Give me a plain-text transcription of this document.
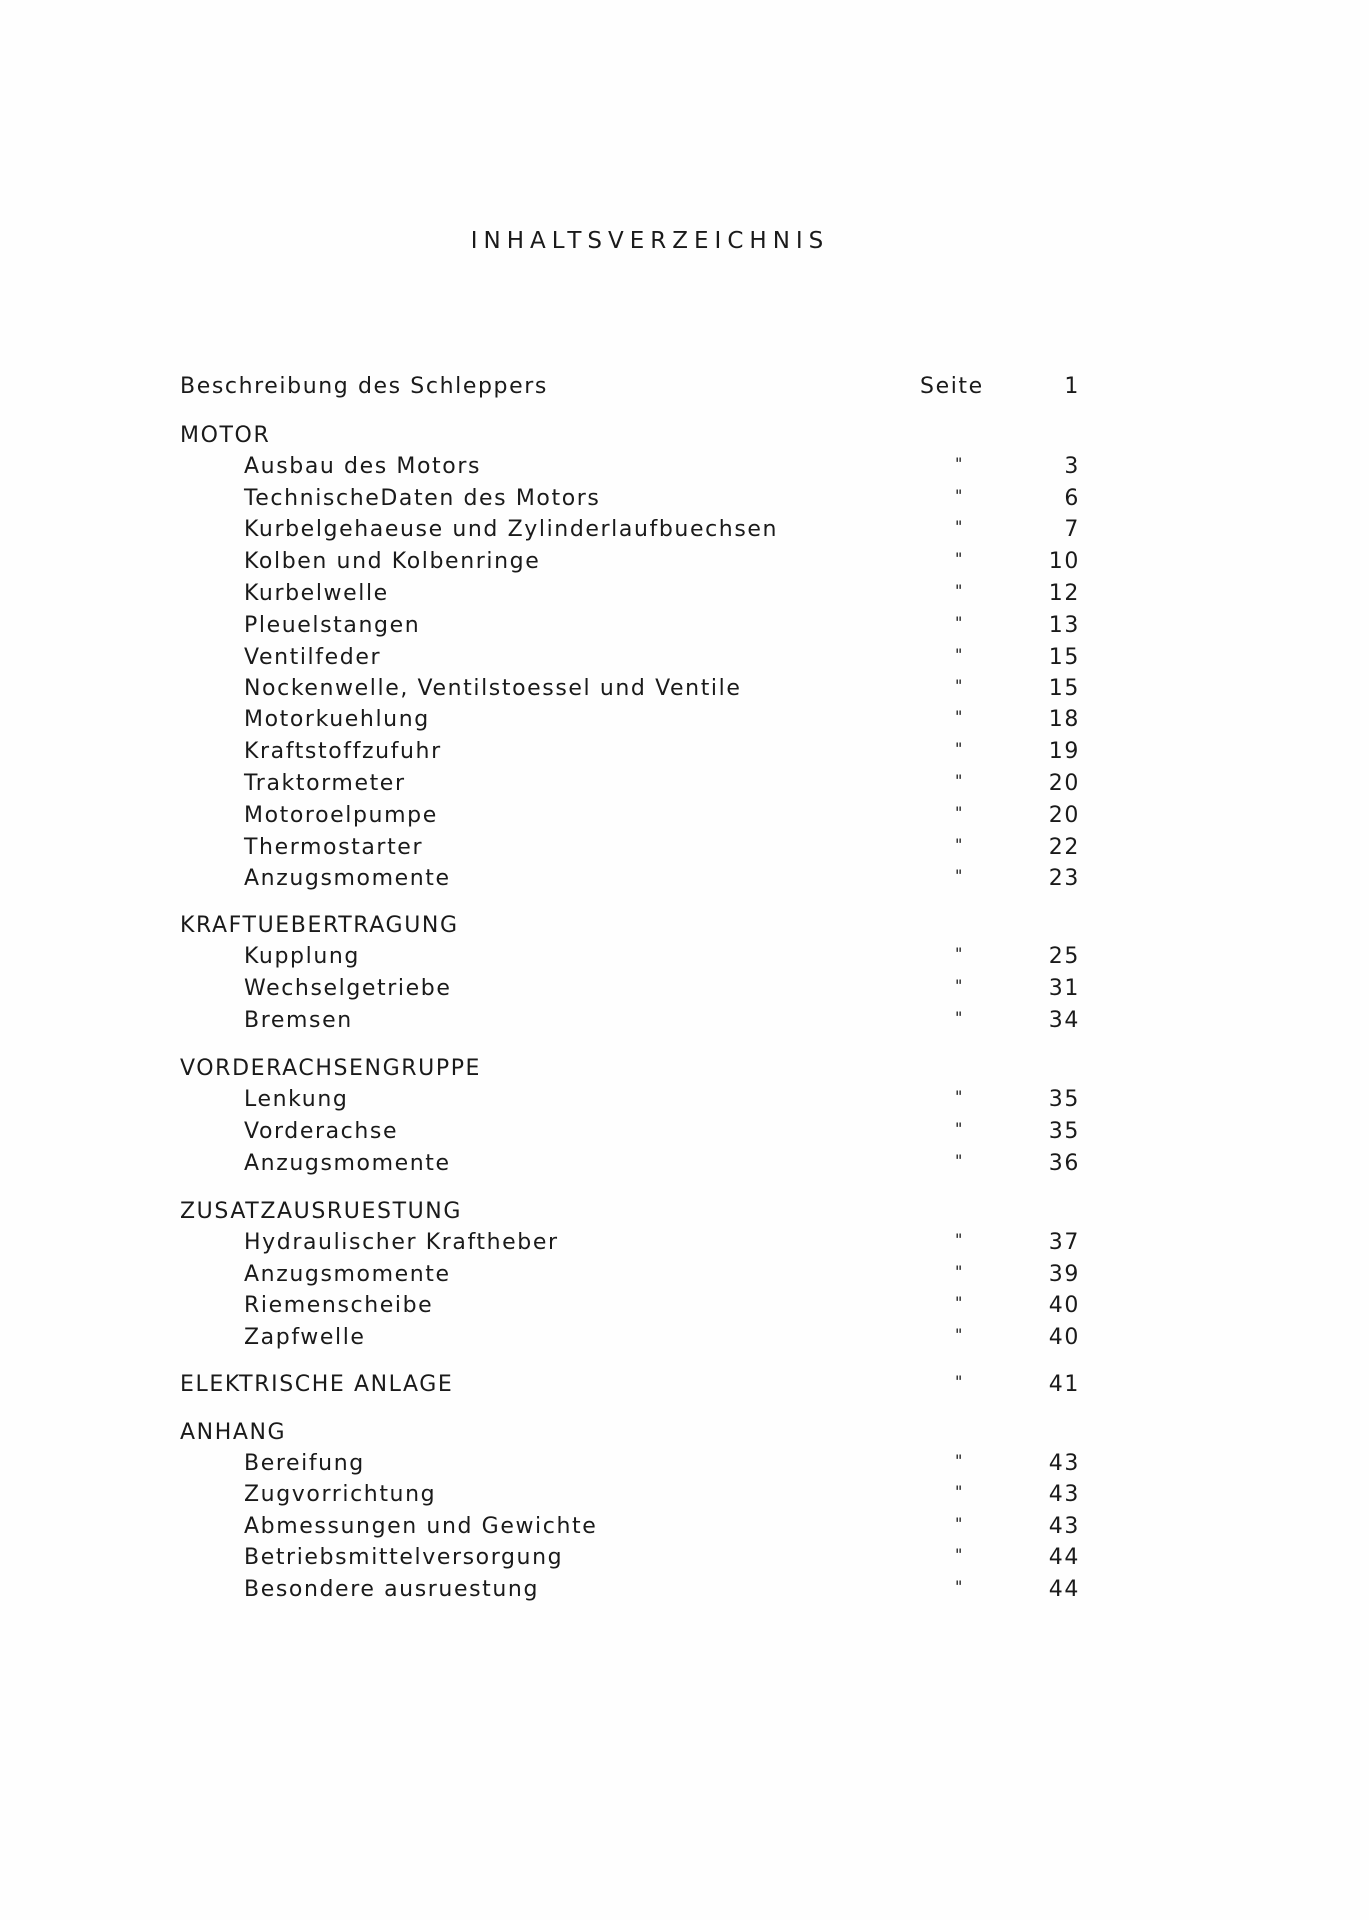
INHALTSVERZEICHNIS
Beschreibung des Schleppers	Seite	1
MOTOR
Ausbau des Motors	"	3
TechnischeDaten des Motors	"	6
Kurbelgehaeuse und Zylinderlaufbuechsen	"	7
Kolben und Kolbenringe	"	10
Kurbelwelle	"	12
Pleuelstangen	"	13
Ventilfeder	"	15
Nockenwelle, Ventilstoessel und Ventile	"	15
Motorkuehlung	"	18
Kraftstoffzufuhr	"	19
Traktormeter	"	20
Motoroelpumpe	"	20
Thermostarter	"	22
Anzugsmomente	"	23
KRAFTUEBERTRAGUNG
Kupplung	"	25
Wechselgetriebe	"	31
Bremsen	"	34
VORDERACHSENGRUPPE
Lenkung	"	35
Vorderachse	"	35
Anzugsmomente	"	36
ZUSATZAUSRUESTUNG
Hydraulischer Kraftheber	"	37
Anzugsmomente	"	39
Riemenscheibe	"	40
Zapfwelle	"	40
ELEKTRISCHE ANLAGE	"	41
ANHANG
Bereifung	"	43
Zugvorrichtung	"	43
Abmessungen und Gewichte	"	43
Betriebsmittelversorgung	"	44
Besondere ausruestung	"	44
